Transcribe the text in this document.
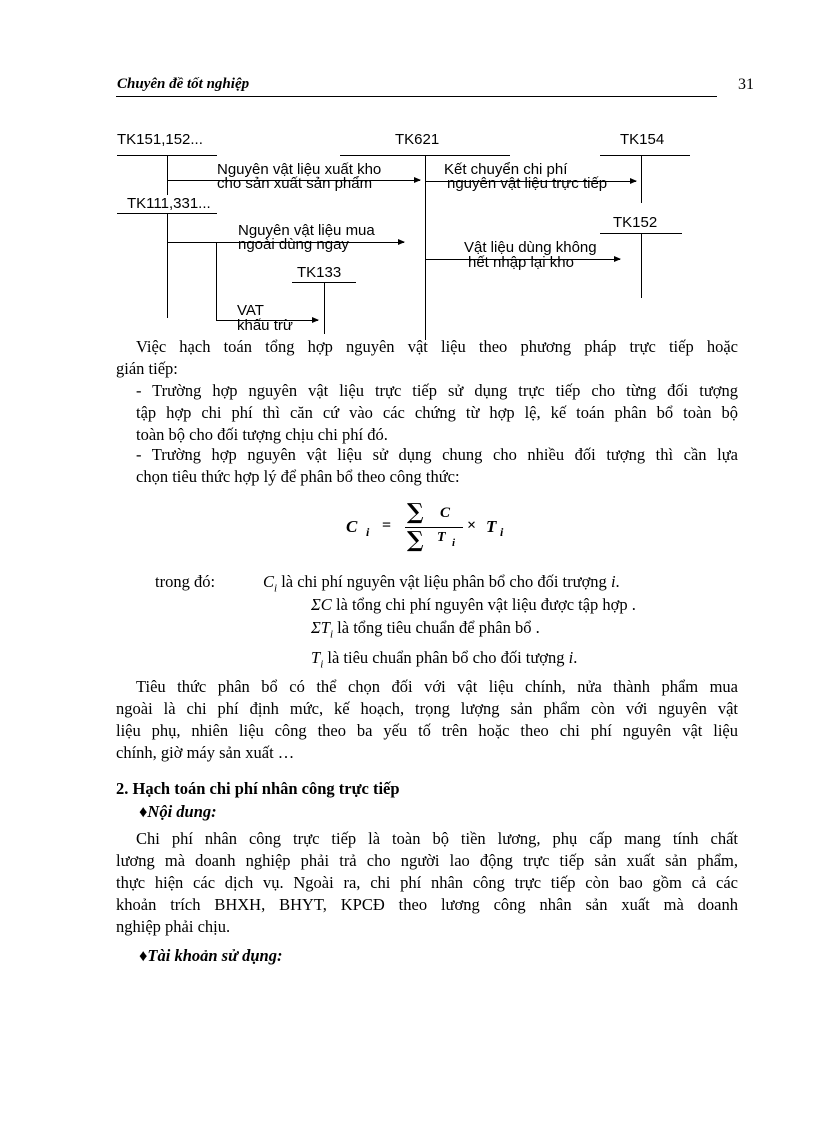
Chuyên đề tốt nghiệp	31
TK151,152...	TK621	TK154
Nguyên vật liệu xuất kho
cho sản xuất sản phẩm
Kết chuyển chi phí
nguyên vật liệu trực tiếp
TK111,331...
Nguyên vật liệu mua
ngoài dùng ngay
TK152
Vật liệu dùng không
hết nhập lại kho
TK133
VAT
khấu trừ

Việc hạch toán tổng hợp nguyên vật liệu theo phương pháp trực tiếp hoặc

gián tiếp:

- Trường hợp nguyên vật liệu trực tiếp sử dụng trực tiếp cho từng đối tượng

tập hợp chi phí thì căn cứ vào các chứng từ hợp lệ, kế toán phân bổ toàn bộ

toàn bộ cho đối tượng chịu chi phí đó.

- Trường hợp nguyên vật liệu sử dụng chung cho nhiều đối tượng thì cần lựa

chọn tiêu thức hợp lý để phân bổ theo công thức:

C i =
∑ C
∑ T i
× T i
trong đó:	$C_i$ là chi phí nguyên vật liệu phân bổ cho đối trượng i.
ΣC là tổng chi phí nguyên vật liệu được tập hợp .
$\Sigma T_i$ là tổng tiêu chuẩn để phân bổ .
$T_i$ là tiêu chuẩn phân bổ cho đối tượng i.

Tiêu thức phân bổ có thể chọn đối với vật liệu chính, nửa thành phẩm mua

ngoài là chi phí định mức, kế hoạch, trọng lượng sản phẩm còn với nguyên vật

liệu phụ, nhiên liệu công theo ba yếu tố trên hoặc theo chi phí nguyên vật liệu

chính, giờ máy sản xuất …

2. Hạch toán chi phí nhân công trực tiếp
♦Nội dung:

Chi phí nhân công trực tiếp là toàn bộ tiền lương, phụ cấp mang tính chất

lương mà doanh nghiệp phải trả cho người lao động trực tiếp sản xuất sản phẩm,

thực hiện các dịch vụ. Ngoài ra, chi phí nhân công trực tiếp còn bao gồm cả các

khoản trích BHXH, BHYT, KPCĐ theo lương công nhân sản xuất mà doanh

nghiệp phải chịu.

♦Tài khoản sử dụng:
